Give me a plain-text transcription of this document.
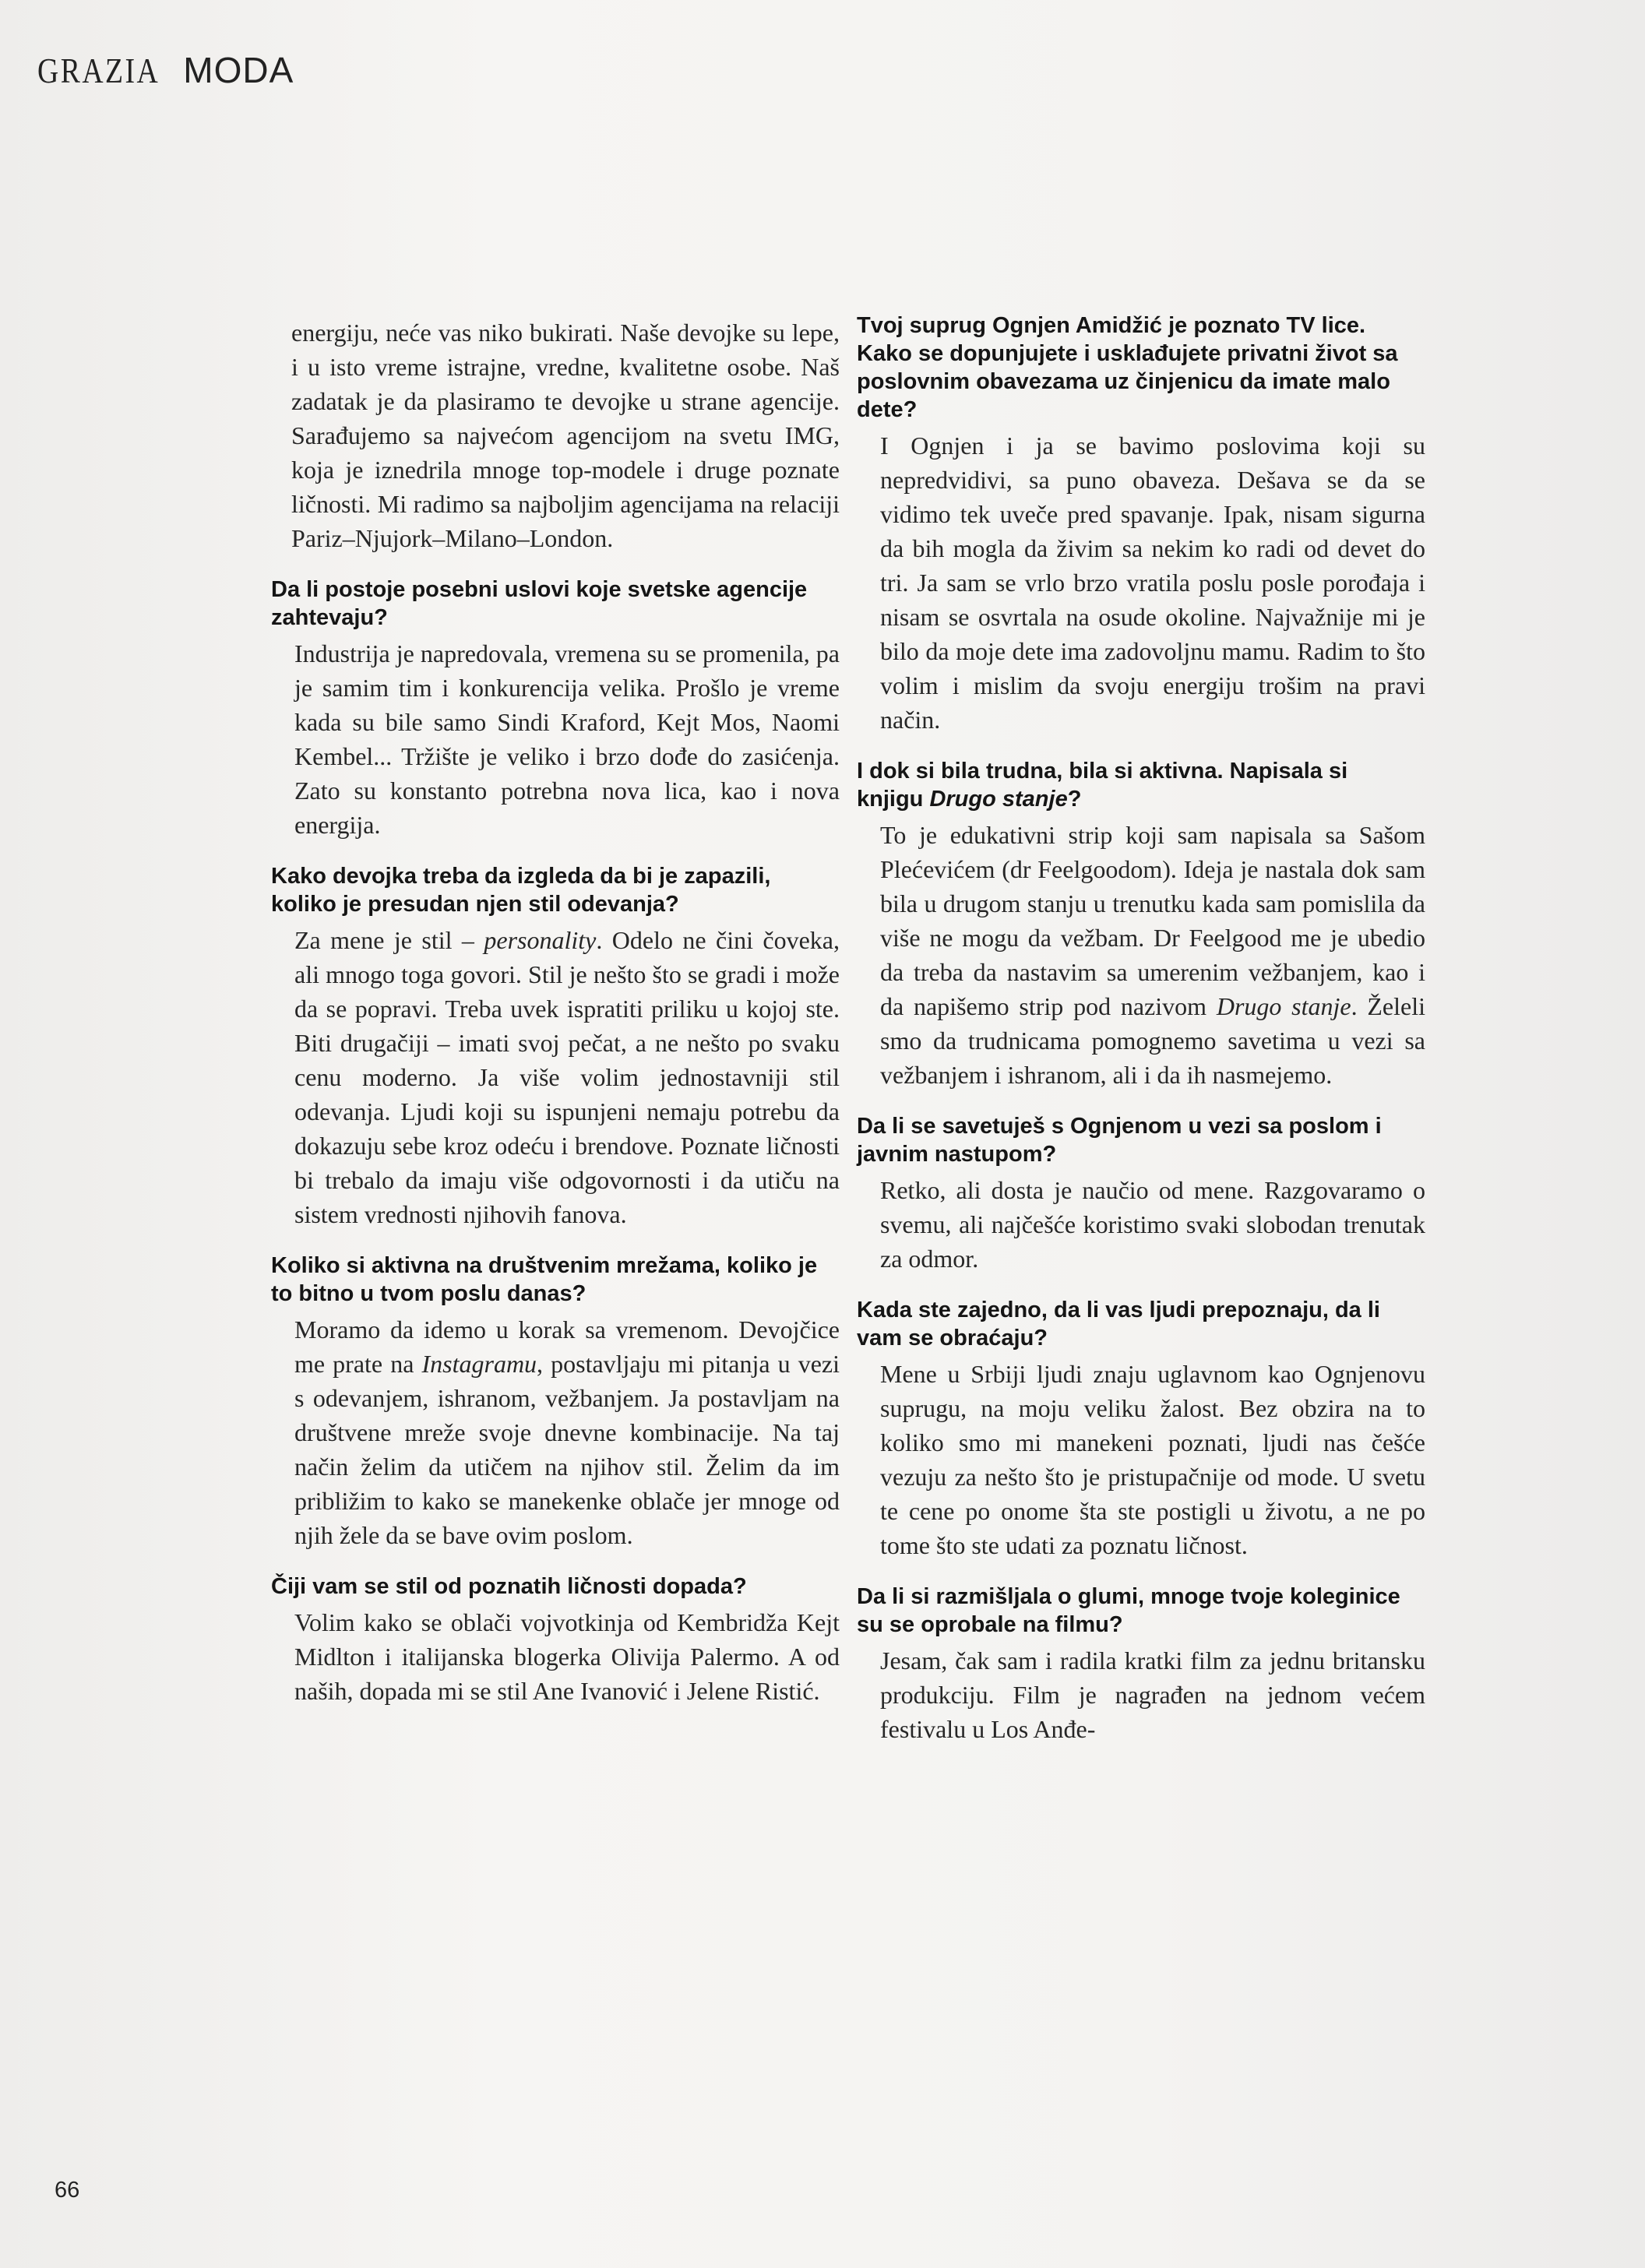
GRAZIA MODA

energiju, neće vas niko bukirati. Naše devojke su lepe, i u isto vreme istrajne, vredne, kvalitetne osobe. Naš zadatak je da plasiramo te devojke u strane agencije. Sarađujemo sa najvećom agencijom na svetu IMG, koja je iznedrila mnoge top-modele i druge poznate ličnosti. Mi radimo sa najboljim agencijama na relaciji Pariz–Njujork–Milano–London.

Da li postoje posebni uslovi koje svetske agencije zahtevaju?

Industrija je napredovala, vremena su se promenila, pa je samim tim i konkurencija velika. Prošlo je vreme kada su bile samo Sindi Kraford, Kejt Mos, Naomi Kembel... Tržište je veliko i brzo dođe do zasićenja. Zato su konstanto potrebna nova lica, kao i nova energija.

Kako devojka treba da izgleda da bi je zapazili, koliko je presudan njen stil odevanja?

Za mene je stil – personality. Odelo ne čini čoveka, ali mnogo toga govori. Stil je nešto što se gradi i može da se popravi. Treba uvek ispratiti priliku u kojoj ste. Biti drugačiji – imati svoj pečat, a ne nešto po svaku cenu moderno. Ja više volim jednostavniji stil odevanja. Ljudi koji su ispunjeni nemaju potrebu da dokazuju sebe kroz odeću i brendove. Poznate ličnosti bi trebalo da imaju više odgovornosti i da utiču na sistem vrednosti njihovih fanova.

Koliko si aktivna na društvenim mrežama, koliko je to bitno u tvom poslu danas?

Moramo da idemo u korak sa vremenom. Devojčice me prate na Instagramu, postavljaju mi pitanja u vezi s odevanjem, ishranom, vežbanjem. Ja postavljam na društvene mreže svoje dnevne kombinacije. Na taj način želim da utičem na njihov stil. Želim da im približim to kako se manekenke oblače jer mnoge od njih žele da se bave ovim poslom.

Čiji vam se stil od poznatih ličnosti dopada?

Volim kako se oblači vojvotkinja od Kembridža Kejt Midlton i italijanska blogerka Olivija Palermo. A od naših, dopada mi se stil Ane Ivanović i Jelene Ristić.

Tvoj suprug Ognjen Amidžić je poznato TV lice. Kako se dopunjujete i usklađujete privatni život sa poslovnim obavezama uz činjenicu da imate malo dete?

I Ognjen i ja se bavimo poslovima koji su nepredvidivi, sa puno obaveza. Dešava se da se vidimo tek uveče pred spavanje. Ipak, nisam sigurna da bih mogla da živim sa nekim ko radi od devet do tri. Ja sam se vrlo brzo vratila poslu posle porođaja i nisam se osvrtala na osude okoline. Najvažnije mi je bilo da moje dete ima zadovoljnu mamu. Radim to što volim i mislim da svoju energiju trošim na pravi način.

I dok si bila trudna, bila si aktivna. Napisala si knjigu Drugo stanje?

To je edukativni strip koji sam napisala sa Sašom Plećevićem (dr Feelgoodom). Ideja je nastala dok sam bila u drugom stanju u trenutku kada sam pomislila da više ne mogu da vežbam. Dr Feelgood me je ubedio da treba da nastavim sa umerenim vežbanjem, kao i da napišemo strip pod nazivom Drugo stanje. Želeli smo da trudnicama pomognemo savetima u vezi sa vežbanjem i ishranom, ali i da ih nasmejemo.

Da li se savetuješ s Ognjenom u vezi sa poslom i javnim nastupom?

Retko, ali dosta je naučio od mene. Razgovaramo o svemu, ali najčešće koristimo svaki slobodan trenutak za odmor.

Kada ste zajedno, da li vas ljudi prepoznaju, da li vam se obraćaju?

Mene u Srbiji ljudi znaju uglavnom kao Ognjenovu suprugu, na moju veliku žalost. Bez obzira na to koliko smo mi manekeni poznati, ljudi nas češće vezuju za nešto što je pristupačnije od mode. U svetu te cene po onome šta ste postigli u životu, a ne po tome što ste udati za poznatu ličnost.

Da li si razmišljala o glumi, mnoge tvoje koleginice su se oprobale na filmu?

Jesam, čak sam i radila kratki film za jednu britansku produkciju. Film je nagrađen na jednom većem festivalu u Los Anđe-

66
